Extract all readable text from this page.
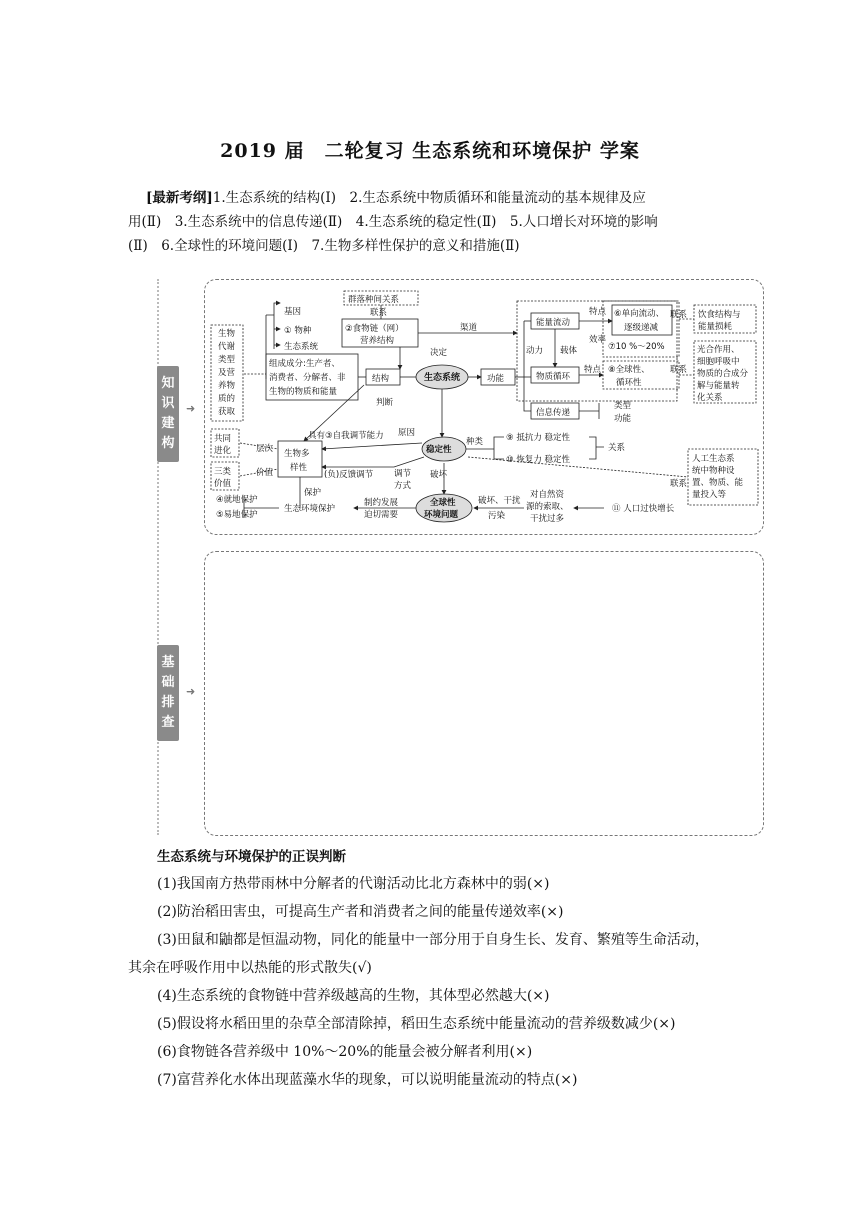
2019 届　二轮复习 生态系统和环境保护 学案

[最新考纲]1.生态系统的结构(Ⅰ)　2.生态系统中物质循环和能量流动的基本规律及应

用(Ⅱ)　3.生态系统中的信息传递(Ⅱ)　4.生态系统的稳定性(Ⅱ)　5.人口增长对环境的影响

(Ⅱ)　6.全球性的环境问题(Ⅰ)　7.生物多样性保护的意义和措施(Ⅱ)

知识建构
➜
基础排查
➜
基因
① 物种
生态系统
群落种间关系
联系
②食物链（网）
营养结构
渠道
生物
代谢
类型
及营
养物
质的
获取
组成成分:生产者、
消费者、分解者、非
生物的物质和能量
决定
结构	生态系统	功能
能量流动
物质循环
信息传递
特点 ⑥单向流动、
逐级递减
效率
⑦10 %～20%
动力 载体
特点 ⑧全球性、
循环性
类型
功能
联系
联系
饮食结构与
能量损耗
光合作用、
细胞呼吸中
物质的合成分
解与能量转
化关系
共同
进化
三类
价值
层次
价值
生物多
样性
判断
具有③自我调节能力 原因
稳定性
种类	⑨ 抵抗力 稳定性
⑩ 恢复力 稳定性
关系
(负)反馈调节 调节
方式
破坏
保护
④就地保护
⑤易地保护
生态环境保护
制约发展
迫切需要
全球性
环境问题
破坏、干扰
污染
对自然资
源的索取、
干扰过多
⑪ 人口过快增长
联系
人工生态系
统中物种设
置、物质、能
量投入等
生态系统与环境保护的正误判断

(1)我国南方热带雨林中分解者的代谢活动比北方森林中的弱(×)

(2)防治稻田害虫，可提高生产者和消费者之间的能量传递效率(×)

(3)田鼠和鼬都是恒温动物，同化的能量中一部分用于自身生长、发育、繁殖等生命活动，

其余在呼吸作用中以热能的形式散失(√)

(4)生态系统的食物链中营养级越高的生物，其体型必然越大(×)

(5)假设将水稻田里的杂草全部清除掉，稻田生态系统中能量流动的营养级数减少(×)

(6)食物链各营养级中 10%～20%的能量会被分解者利用(×)

(7)富营养化水体出现蓝藻水华的现象，可以说明能量流动的特点(×)
